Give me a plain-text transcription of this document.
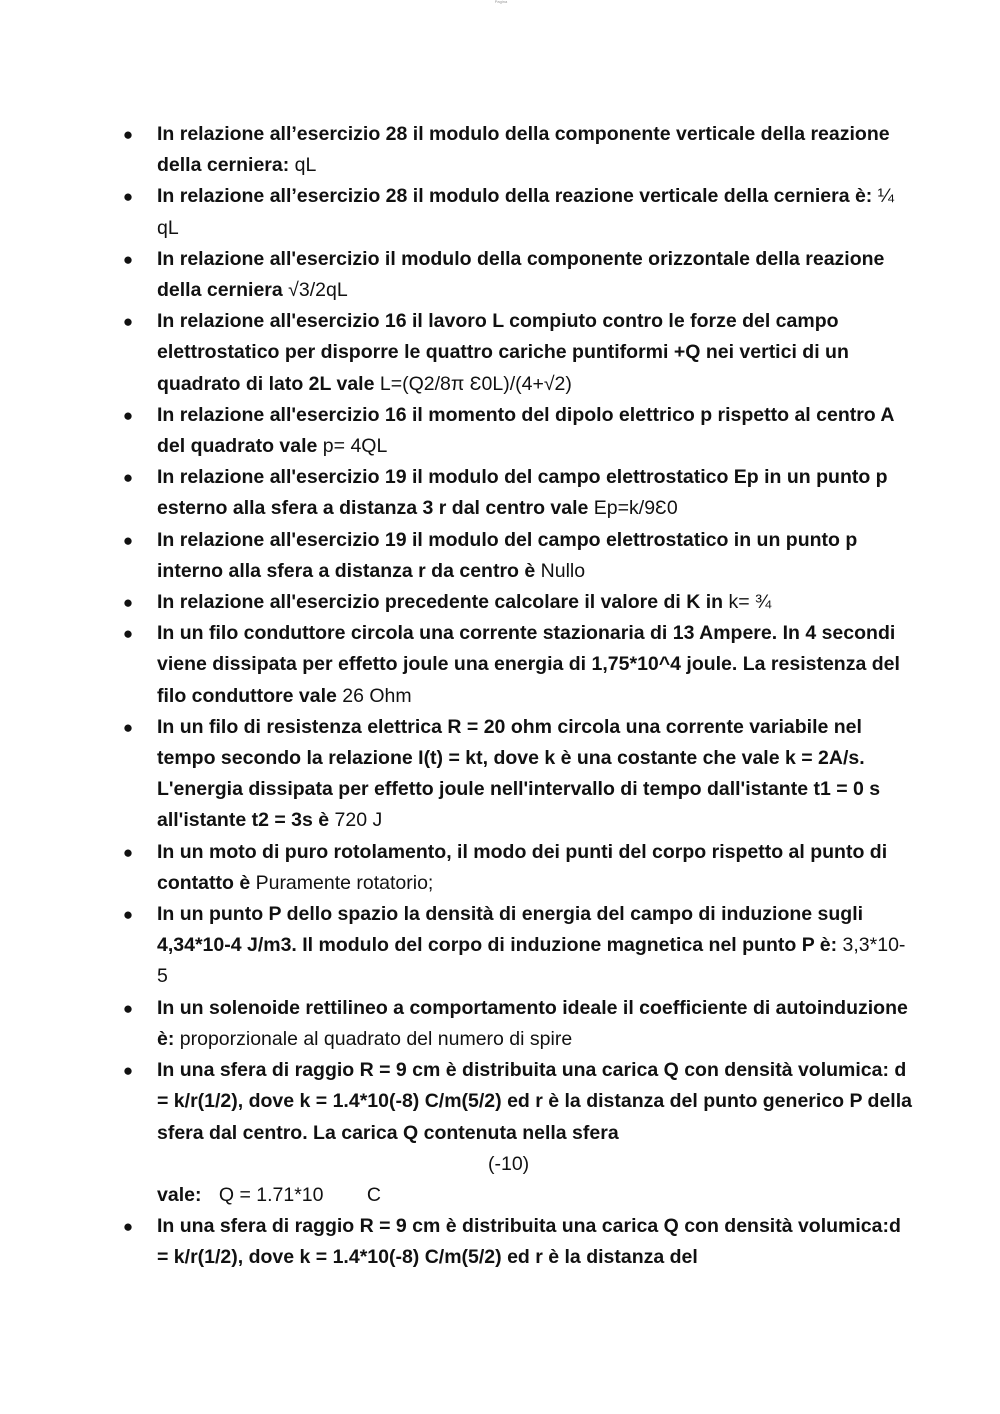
Pagina
● In relazione all’esercizio 28 il modulo della componente verticale della reazione della cerniera: qL
● In relazione all’esercizio 28 il modulo della reazione verticale della cerniera è: ¼ qL
● In relazione all'esercizio il modulo della componente orizzontale della reazione della cerniera √3/2qL
● In relazione all'esercizio 16 il lavoro L compiuto contro le forze del campo elettrostatico per disporre le quattro cariche puntiformi +Q nei vertici di un quadrato di lato 2L vale L=(Q2/8π Ɛ0L)/(4+√2)
● In relazione all'esercizio 16 il momento del dipolo elettrico p rispetto al centro A del quadrato vale p= 4QL
● In relazione all'esercizio 19 il modulo del campo elettrostatico Ep in un punto p esterno alla sfera a distanza 3 r dal centro vale Ep=k/9Ɛ0
● In relazione all'esercizio 19 il modulo del campo elettrostatico in un punto p interno alla sfera a distanza r da centro è Nullo
● In relazione all'esercizio precedente calcolare il valore di K in k= ¾
● In un filo conduttore circola una corrente stazionaria di 13 Ampere. In 4 secondi viene dissipata per effetto joule una energia di 1,75*10^4 joule. La resistenza del filo conduttore vale 26 Ohm
● In un filo di resistenza elettrica R = 20 ohm circola una corrente variabile nel tempo secondo la relazione I(t) = kt, dove k è una costante che vale k = 2A/s. L'energia dissipata per effetto joule nell'intervallo di tempo dall'istante t1 = 0 s all'istante t2 = 3s è 720 J
● In un moto di puro rotolamento, il modo dei punti del corpo rispetto al punto di contatto è Puramente rotatorio;
● In un punto P dello spazio la densità di energia del campo di induzione sugli 4,34*10-4 J/m3. Il modulo del corpo di induzione magnetica nel punto P è: 3,3*10-5
● In un solenoide rettilineo a comportamento ideale il coefficiente di autoinduzione è: proporzionale al quadrato del numero di spire
● In una sfera di raggio R = 9 cm è distribuita una carica Q con densità volumica: d = k/r(1/2), dove k = 1.4*10(-8) C/m(5/2) ed r è la distanza del punto generico P della sfera dal centro. La carica Q contenuta nella sfera
(-10)
vale: Q = 1.71*10 C
● In una sfera di raggio R = 9 cm è distribuita una carica Q con densità volumica:d = k/r(1/2), dove k = 1.4*10(-8) C/m(5/2) ed r è la distanza del
